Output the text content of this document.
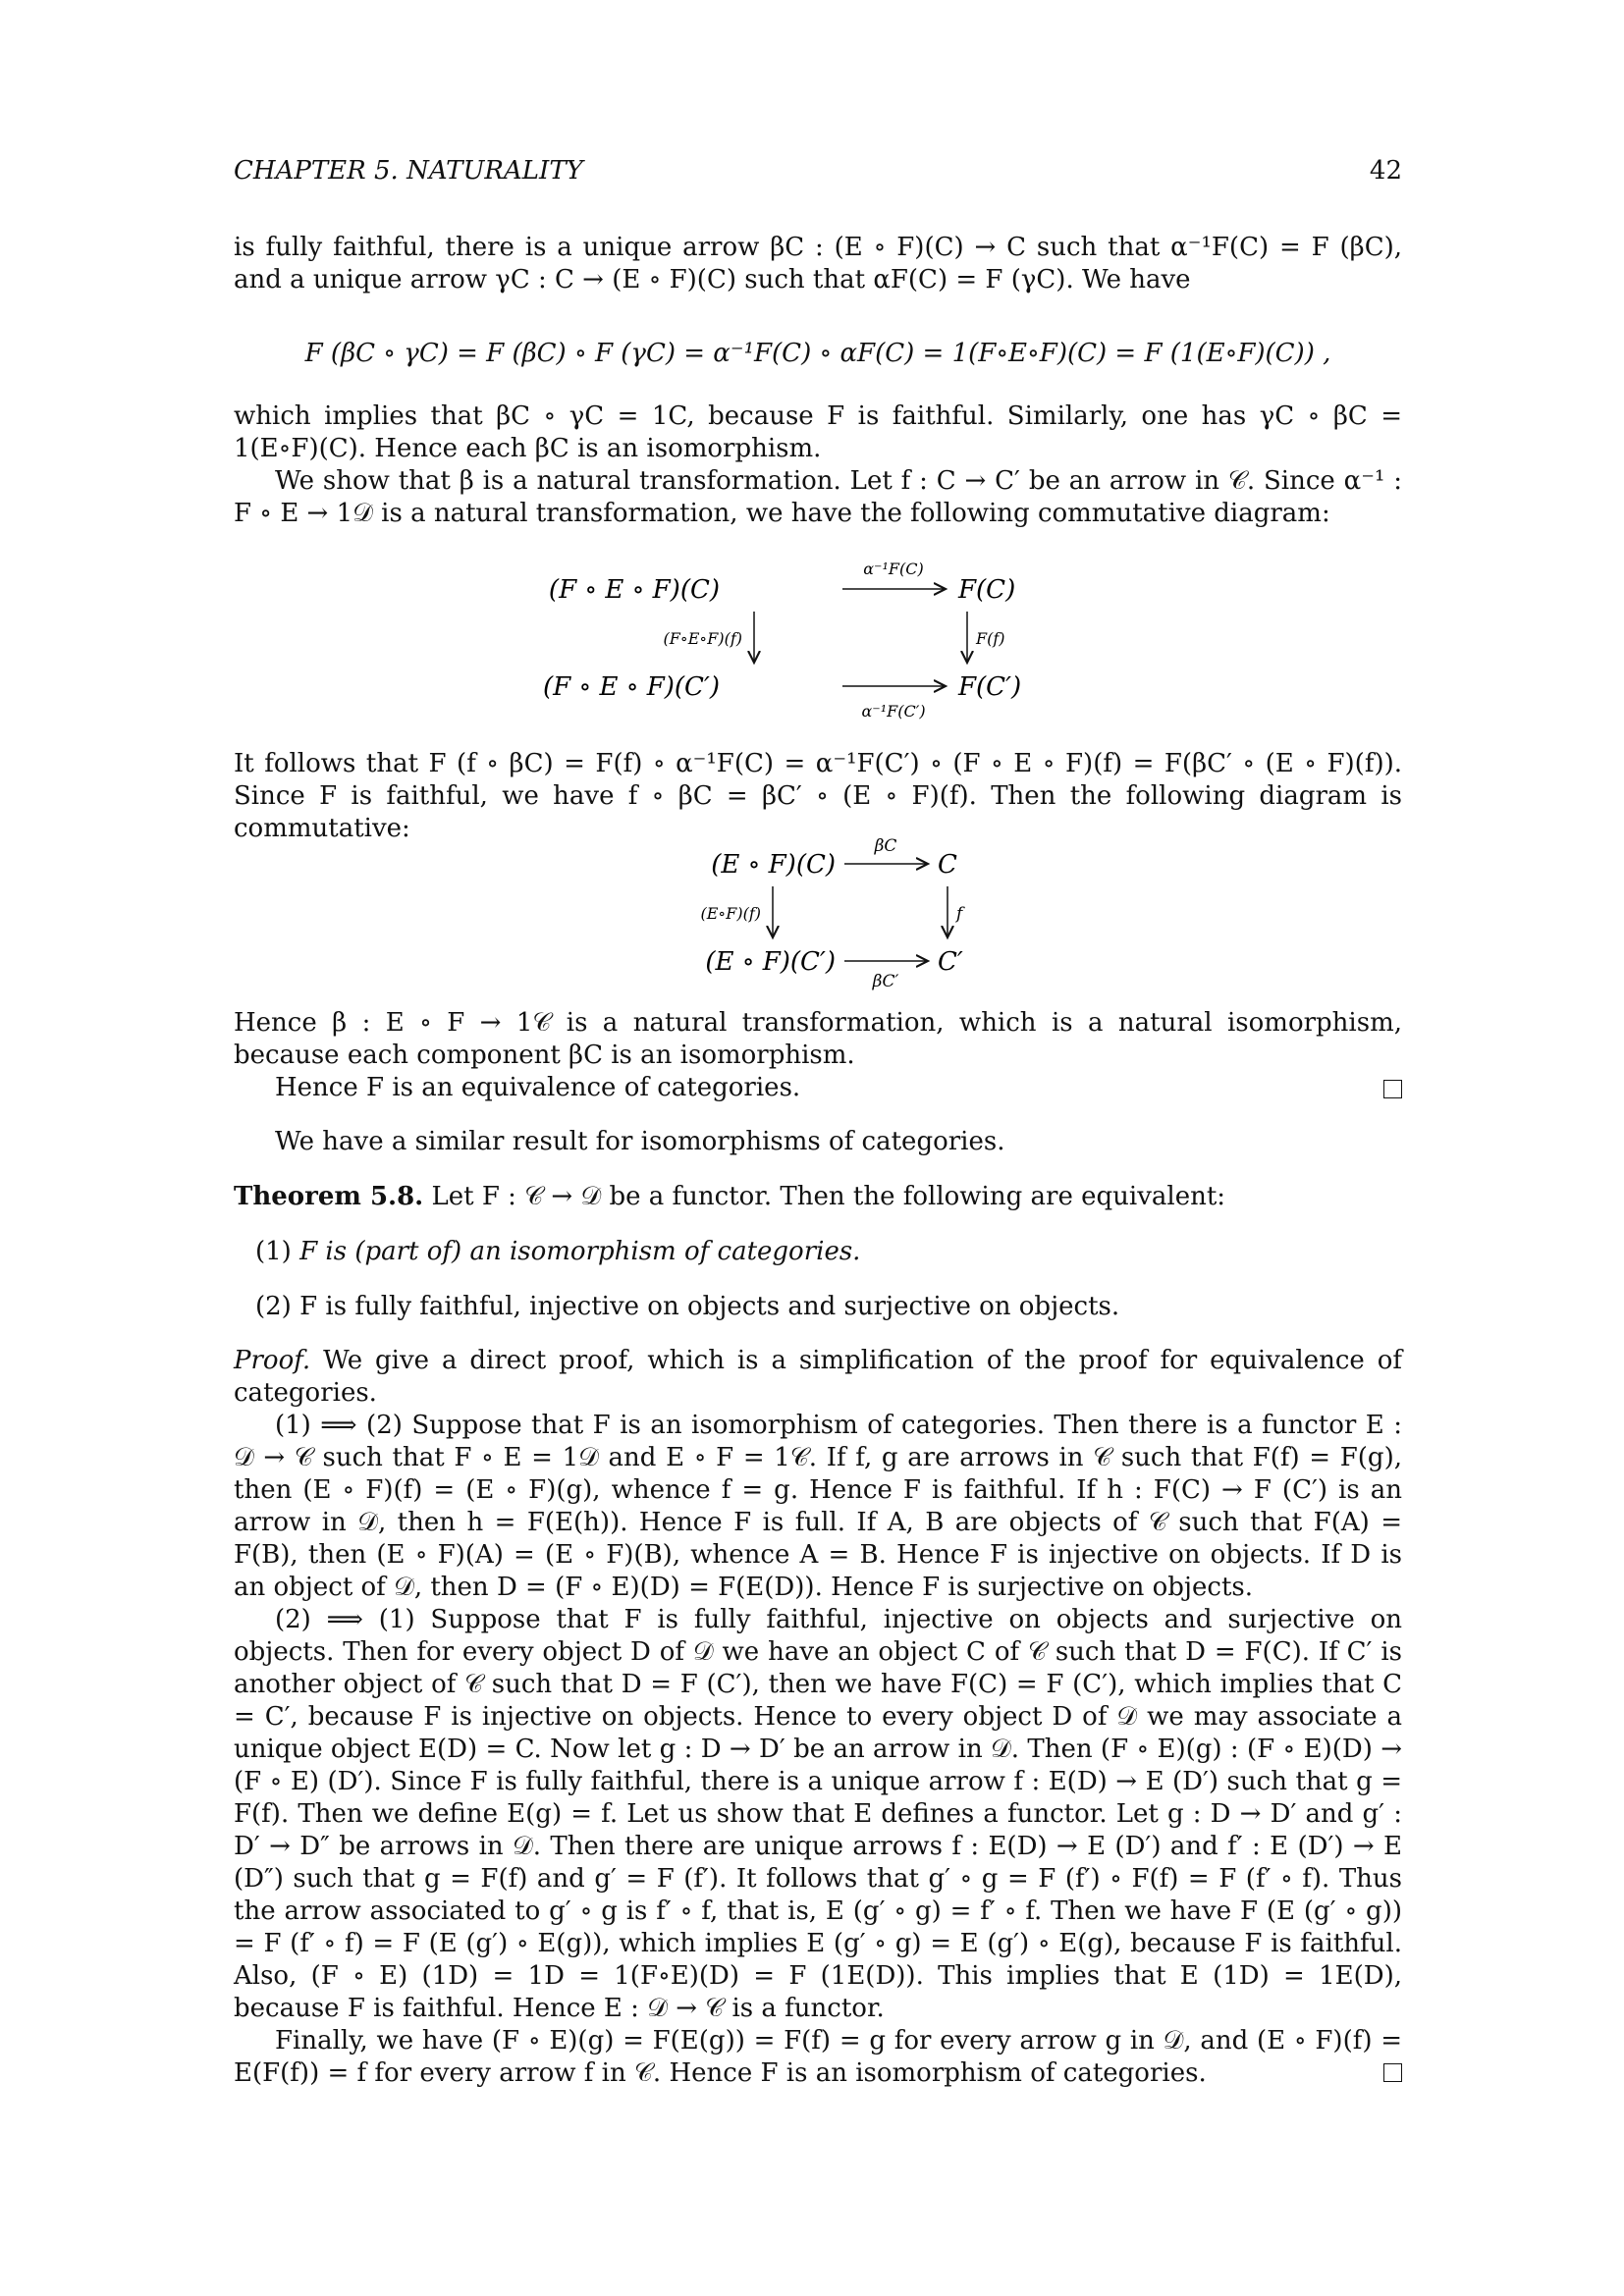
CHAPTER 5. NATURALITY	42

is fully faithful, there is a unique arrow βC : (E ∘ F)(C) → C such that α⁻¹F(C) = F (βC), and a unique arrow γC : C → (E ∘ F)(C) such that αF(C) = F (γC). We have

F (βC ∘ γC) = F (βC) ∘ F (γC) = α⁻¹F(C) ∘ αF(C) = 1(F∘E∘F)(C) = F (1(E∘F)(C)) ,

which implies that βC ∘ γC = 1C, because F is faithful. Similarly, one has γC ∘ βC = 1(E∘F)(C). Hence each βC is an isomorphism.

We show that β is a natural transformation. Let f : C → C′ be an arrow in 𝒞. Since α⁻¹ : F ∘ E → 1𝒟 is a natural transformation, we have the following commutative diagram:

(F ∘ E ∘ F)(C)	F(C)
(F ∘ E ∘ F)(C′)	F(C′)
α⁻¹F(C)
α⁻¹F(C′)
(F∘E∘F)(f)	F(f)

It follows that F (f ∘ βC) = F(f) ∘ α⁻¹F(C) = α⁻¹F(C′) ∘ (F ∘ E ∘ F)(f) = F(βC′ ∘ (E ∘ F)(f)). Since F is faithful, we have f ∘ βC = βC′ ∘ (E ∘ F)(f). Then the following diagram is commutative:

(E ∘ F)(C)	C
(E ∘ F)(C′)	C′
βC
βC′
(E∘F)(f)	f

Hence β : E ∘ F → 1𝒞 is a natural transformation, which is a natural isomorphism, because each component βC is an isomorphism.

Hence F is an equivalence of categories.

We have a similar result for isomorphisms of categories.

Theorem 5.8. Let F : 𝒞 → 𝒟 be a functor. Then the following are equivalent:

(1) F is (part of) an isomorphism of categories.

(2) F is fully faithful, injective on objects and surjective on objects.

Proof. We give a direct proof, which is a simplification of the proof for equivalence of categories.

(1) ⟹ (2) Suppose that F is an isomorphism of categories. Then there is a functor E : 𝒟 → 𝒞 such that F ∘ E = 1𝒟 and E ∘ F = 1𝒞. If f, g are arrows in 𝒞 such that F(f) = F(g), then (E ∘ F)(f) = (E ∘ F)(g), whence f = g. Hence F is faithful. If h : F(C) → F (C′) is an arrow in 𝒟, then h = F(E(h)). Hence F is full. If A, B are objects of 𝒞 such that F(A) = F(B), then (E ∘ F)(A) = (E ∘ F)(B), whence A = B. Hence F is injective on objects. If D is an object of 𝒟, then D = (F ∘ E)(D) = F(E(D)). Hence F is surjective on objects.

(2) ⟹ (1) Suppose that F is fully faithful, injective on objects and surjective on objects. Then for every object D of 𝒟 we have an object C of 𝒞 such that D = F(C). If C′ is another object of 𝒞 such that D = F (C′), then we have F(C) = F (C′), which implies that C = C′, because F is injective on objects. Hence to every object D of 𝒟 we may associate a unique object E(D) = C. Now let g : D → D′ be an arrow in 𝒟. Then (F ∘ E)(g) : (F ∘ E)(D) → (F ∘ E) (D′). Since F is fully faithful, there is a unique arrow f : E(D) → E (D′) such that g = F(f). Then we define E(g) = f. Let us show that E defines a functor. Let g : D → D′ and g′ : D′ → D″ be arrows in 𝒟. Then there are unique arrows f : E(D) → E (D′) and f′ : E (D′) → E (D″) such that g = F(f) and g′ = F (f′). It follows that g′ ∘ g = F (f′) ∘ F(f) = F (f′ ∘ f). Thus the arrow associated to g′ ∘ g is f′ ∘ f, that is, E (g′ ∘ g) = f′ ∘ f. Then we have F (E (g′ ∘ g)) = F (f′ ∘ f) = F (E (g′) ∘ E(g)), which implies E (g′ ∘ g) = E (g′) ∘ E(g), because F is faithful. Also, (F ∘ E) (1D) = 1D = 1(F∘E)(D) = F (1E(D)). This implies that E (1D) = 1E(D), because F is faithful. Hence E : 𝒟 → 𝒞 is a functor.

Finally, we have (F ∘ E)(g) = F(E(g)) = F(f) = g for every arrow g in 𝒟, and (E ∘ F)(f) = E(F(f)) = f for every arrow f in 𝒞. Hence F is an isomorphism of categories.
